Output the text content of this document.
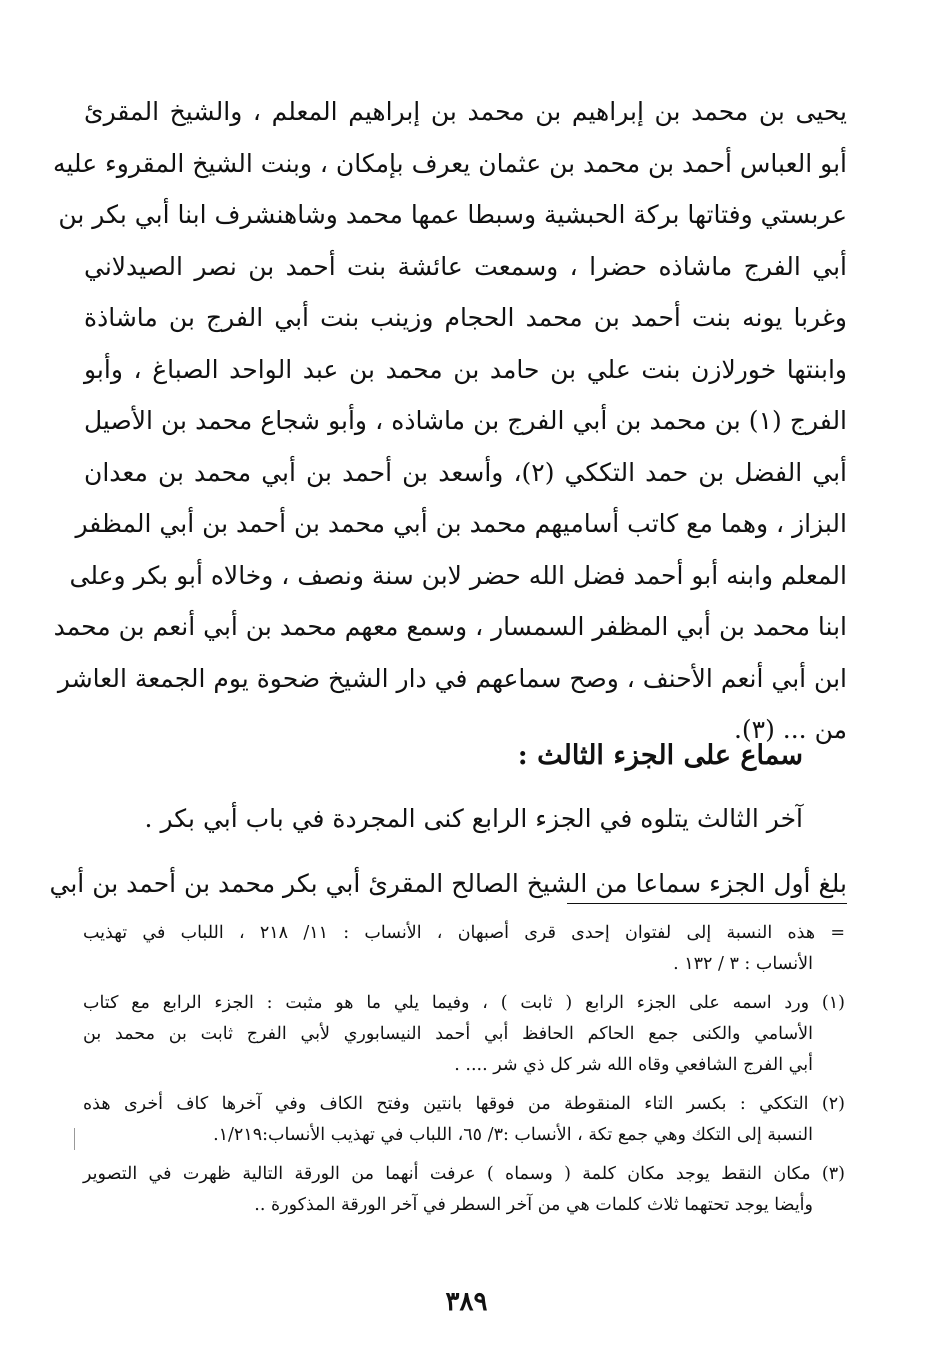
يحيى بن محمد بن إبراهيم بن محمد بن إبراهيم المعلم ، والشيخ المقرئ
أبو العباس أحمد بن محمد بن عثمان يعرف بإمكان ، وبنت الشيخ المقروء عليه
عربستي وفتاتها بركة الحبشية وسبطا عمها محمد وشاهنشرف ابنا أبي بكر بن
أبي الفرج ماشاذه حضرا ، وسمعت عائشة بنت أحمد بن نصر الصيدلاني
وغربا يونه بنت أحمد بن محمد الحجام وزينب بنت أبي الفرج بن ماشاذة
وابنتها خورلازن بنت علي بن حامد بن محمد بن عبد الواحد الصباغ ، وأبو
الفرج (١) بن محمد بن أبي الفرج بن ماشاذه ، وأبو شجاع محمد بن الأصيل
أبي الفضل بن حمد التككي (٢)، وأسعد بن أحمد بن أبي محمد بن معدان
البزاز ، وهما مع كاتب أساميهم محمد بن أبي محمد بن أحمد بن أبي المظفر
المعلم وابنه أبو أحمد فضل الله حضر لابن سنة ونصف ، وخالاه أبو بكر وعلى
ابنا محمد بن أبي المظفر السمسار ، وسمع معهم محمد بن أبي أنعم بن محمد
ابن أبي أنعم الأحنف ، وصح سماعهم في دار الشيخ ضحوة يوم الجمعة العاشر
من ... (٣).
سماع على الجزء الثالث :
آخر الثالث يتلوه في الجزء الرابع كنى المجردة في باب أبي بكر .
بلغ أول الجزء سماعا من الشيخ الصالح المقرئ أبي بكر محمد بن أحمد بن أبي
= هذه النسبة إلى لفتوان إحدى قرى أصبهان ، الأنساب : ١١/ ٢١٨ ، اللباب في تهذيب
الأنساب : ٣ / ١٣٢ .
(١) ورد اسمه على الجزء الرابع ( ثابت ) ، وفيما يلي ما هو مثبت : الجزء الرابع مع كتاب
الأسامي والكنى جمع الحاكم الحافظ أبي أحمد النيسابوري لأبي الفرج ثابت بن محمد بن
أبي الفرج الشافعي وقاه الله شر كل ذي شر .... .
(٢) التككي : بكسر التاء المنقوطة من فوقها بانتين وفتح الكاف وفي آخرها كاف أخرى هذه
النسبة إلى التكك وهي جمع تكة ، الأنساب :٣/ ٦٥، اللباب في تهذيب الأنساب:١/٢١٩.
(٣) مكان النقط يوجد مكان كلمة ( وسماه ) عرفت أنهما من الورقة التالية ظهرت في التصوير
وأيضا يوجد تحتهما ثلاث كلمات هي من آخر السطر في آخر الورقة المذكورة ..
٣٨٩
